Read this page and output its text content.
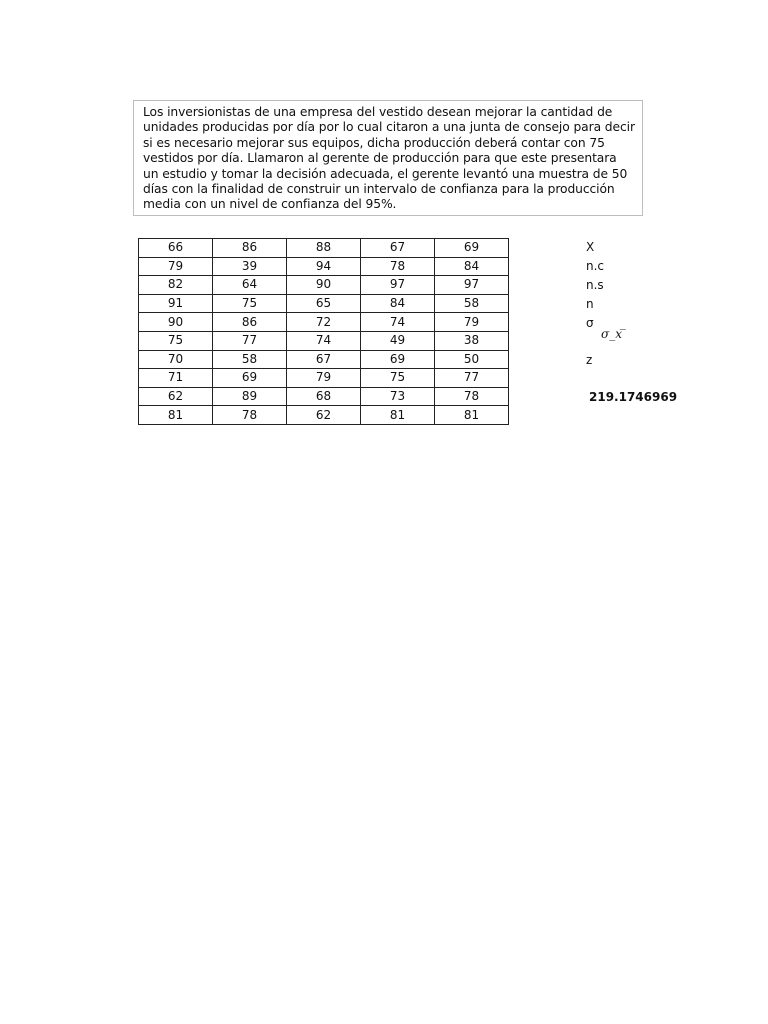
Los inversionistas de una empresa del vestido desean mejorar la cantidad de unidades producidas por día por lo cual citaron a una junta de consejo para decir si es necesario mejorar sus equipos, dicha producción deberá contar con 75 vestidos por día. Llamaron al gerente de producción para que este presentara un estudio y tomar la decisión adecuada, el gerente levantó una muestra de 50 días con la finalidad de construir un intervalo de confianza para la producción media con un nivel de confianza del 95%.
66	86	88	67	69
79	39	94	78	84
82	64	90	97	97
91	75	65	84	58
90	86	72	74	79
75	77	74	49	38
70	58	67	69	50
71	69	79	75	77
62	89	68	73	78
81	78	62	81	81
X
n.c
n.s
n
σ
σ_x ̅
z
219.1746969
